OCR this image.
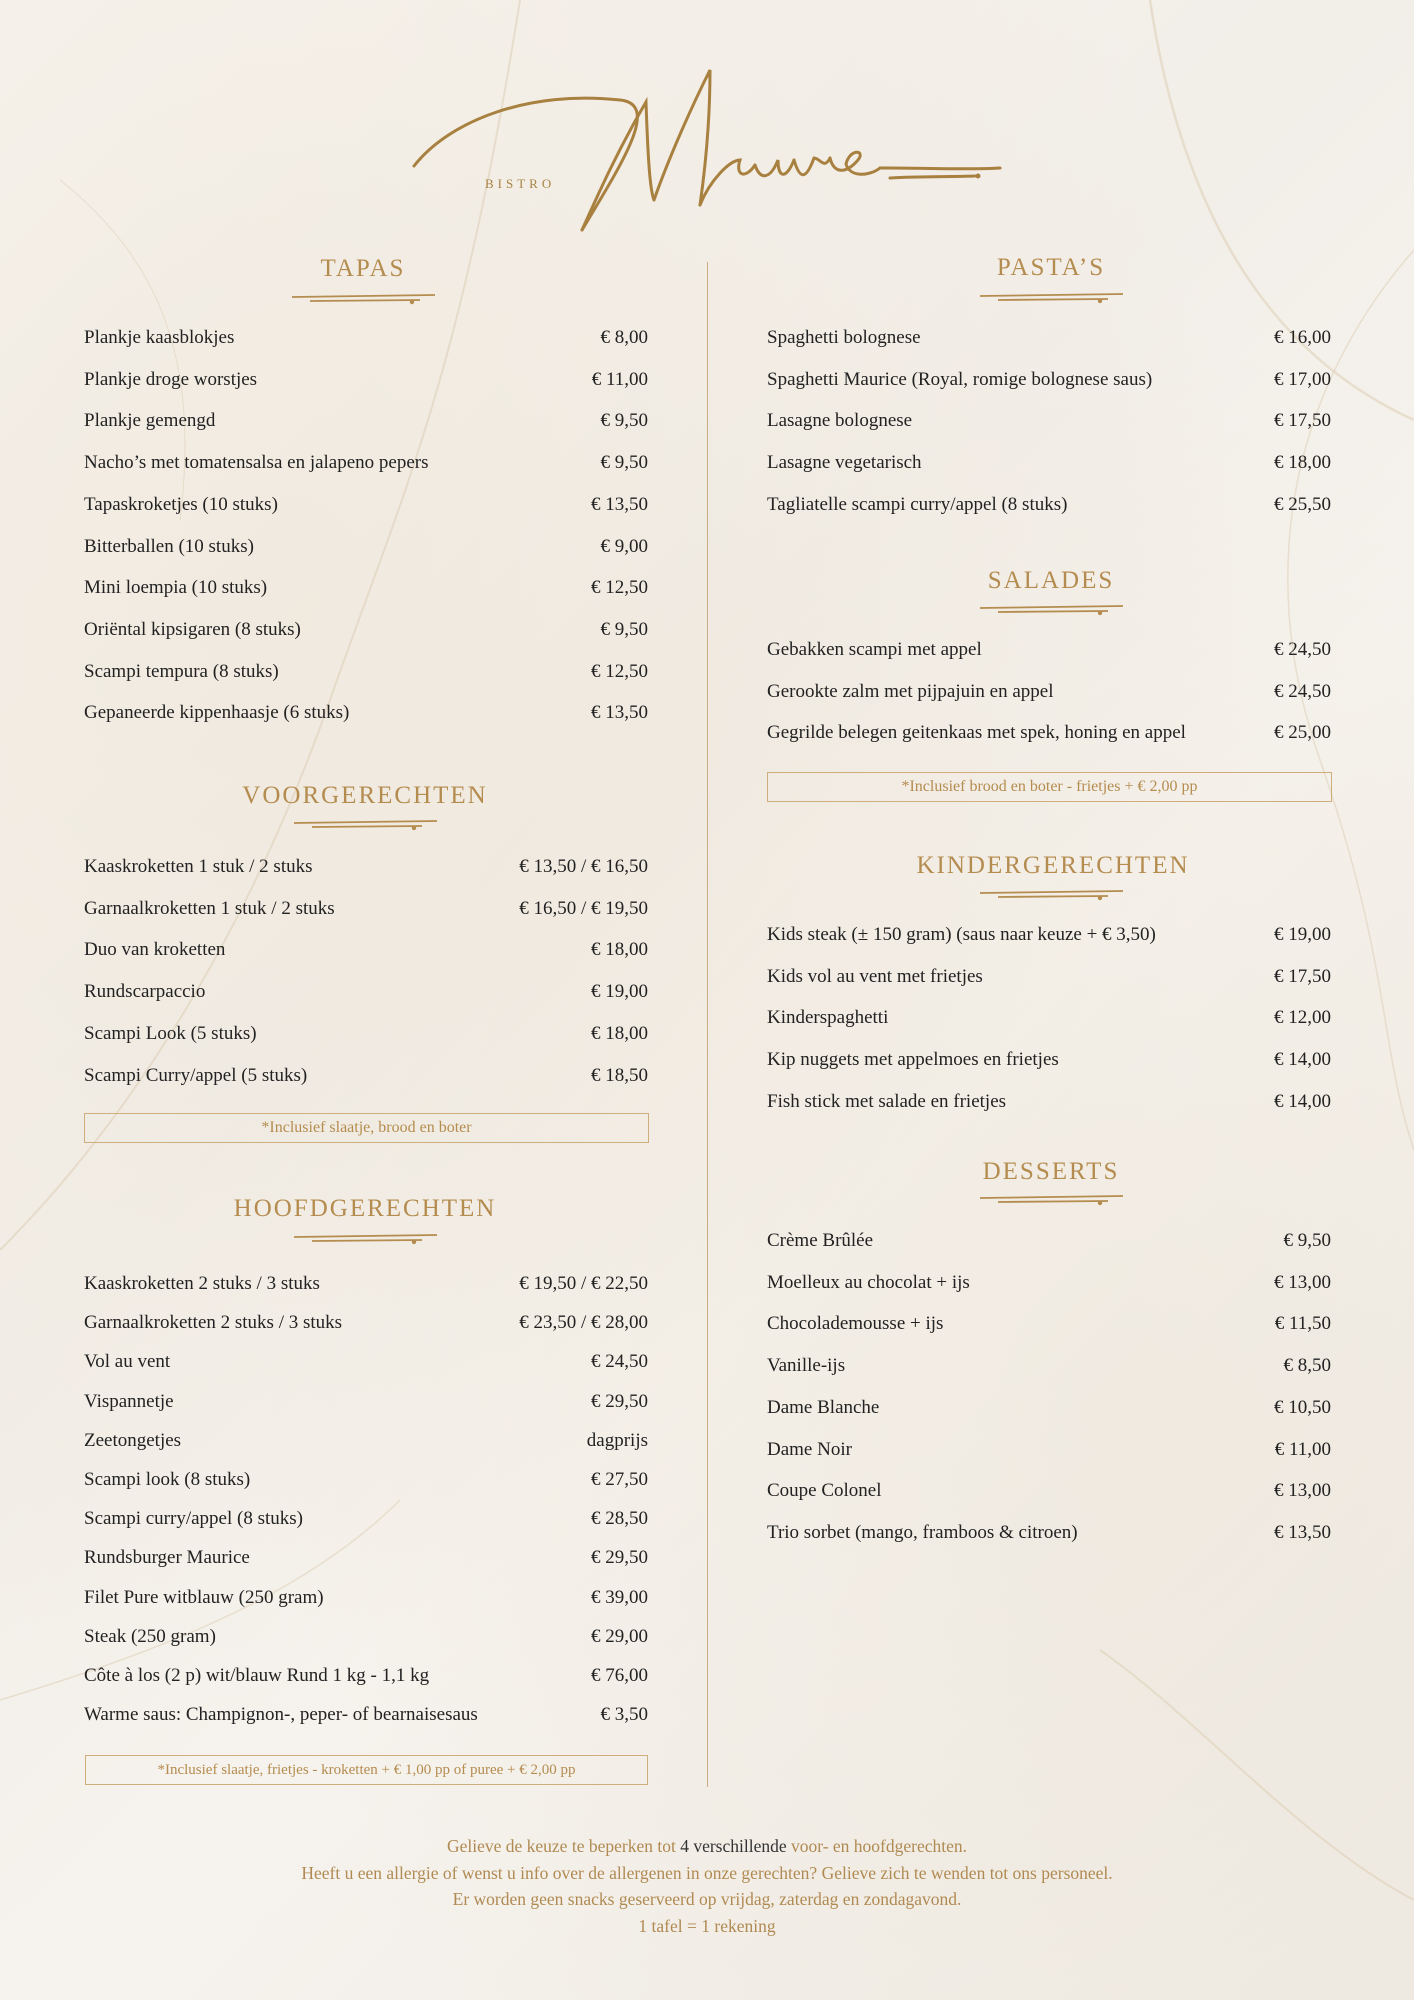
BISTRO
TAPAS
Plankje kaasblokjes	€ 8,00
Plankje droge worstjes	€ 11,00
Plankje gemengd	€ 9,50
Nacho’s met tomatensalsa en jalapeno pepers	€ 9,50
Tapaskroketjes (10 stuks)	€ 13,50
Bitterballen (10 stuks)	€ 9,00
Mini loempia (10 stuks)	€ 12,50
Oriëntal kipsigaren (8 stuks)	€ 9,50
Scampi tempura (8 stuks)	€ 12,50
Gepaneerde kippenhaasje (6 stuks)	€ 13,50
VOORGERECHTEN
Kaaskroketten 1 stuk / 2 stuks	€ 13,50 / € 16,50
Garnaalkroketten 1 stuk / 2 stuks	€ 16,50 / € 19,50
Duo van kroketten	€ 18,00
Rundscarpaccio	€ 19,00
Scampi Look (5 stuks)	€ 18,00
Scampi Curry/appel (5 stuks)	€ 18,50
*Inclusief slaatje, brood en boter
HOOFDGERECHTEN
Kaaskroketten 2 stuks / 3 stuks	€ 19,50 / € 22,50
Garnaalkroketten 2 stuks / 3 stuks	€ 23,50 / € 28,00
Vol au vent	€ 24,50
Vispannetje	€ 29,50
Zeetongetjes	dagprijs
Scampi look (8 stuks)	€ 27,50
Scampi curry/appel (8 stuks)	€ 28,50
Rundsburger Maurice	€ 29,50
Filet Pure witblauw (250 gram)	€ 39,00
Steak (250 gram)	€ 29,00
Côte à los (2 p) wit/blauw Rund 1 kg - 1,1 kg	€ 76,00
Warme saus: Champignon-, peper- of bearnaisesaus	€ 3,50
*Inclusief slaatje, frietjes - kroketten + € 1,00 pp of puree + € 2,00 pp
PASTA’S
Spaghetti bolognese	€ 16,00
Spaghetti Maurice (Royal, romige bolognese saus)	€ 17,00
Lasagne bolognese	€ 17,50
Lasagne vegetarisch	€ 18,00
Tagliatelle scampi curry/appel (8 stuks)	€ 25,50
SALADES
Gebakken scampi met appel	€ 24,50
Gerookte zalm met pijpajuin en appel	€ 24,50
Gegrilde belegen geitenkaas met spek, honing en appel	€ 25,00
*Inclusief brood en boter - frietjes + € 2,00 pp
KINDERGERECHTEN
Kids steak (± 150 gram) (saus naar keuze + € 3,50)	€ 19,00
Kids vol au vent met frietjes	€ 17,50
Kinderspaghetti	€ 12,00
Kip nuggets met appelmoes en frietjes	€ 14,00
Fish stick met salade en frietjes	€ 14,00
DESSERTS
Crème Brûlée	€ 9,50
Moelleux au chocolat + ijs	€ 13,00
Chocolademousse + ijs	€ 11,50
Vanille-ijs	€ 8,50
Dame Blanche	€ 10,50
Dame Noir	€ 11,00
Coupe Colonel	€ 13,00
Trio sorbet (mango, framboos & citroen)	€ 13,50
Gelieve de keuze te beperken tot 4 verschillende voor- en hoofdgerechten.
Heeft u een allergie of wenst u info over de allergenen in onze gerechten? Gelieve zich te wenden tot ons personeel.
Er worden geen snacks geserveerd op vrijdag, zaterdag en zondagavond.
1 tafel = 1 rekening
